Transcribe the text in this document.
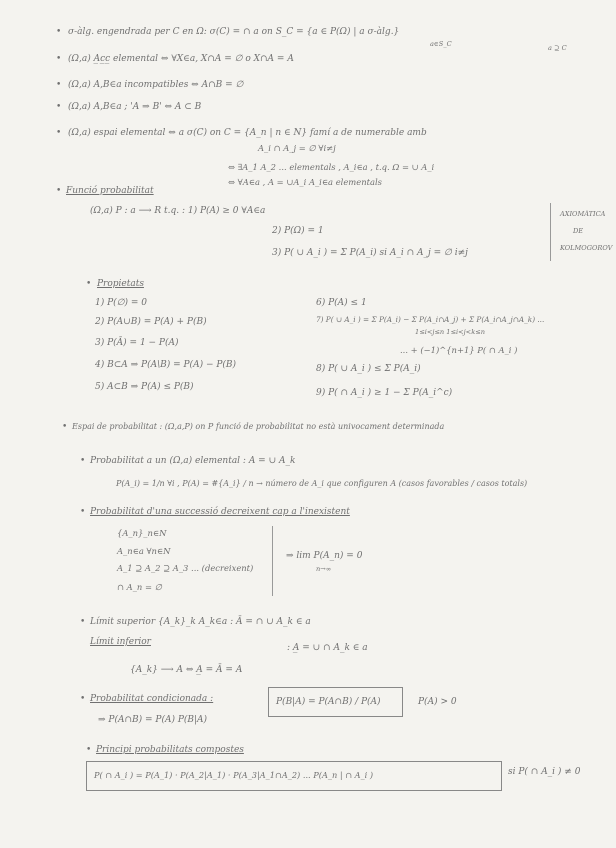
• σ-àlg. engendrada per C en Ω: σ(C) = ∩ a on S_C = {a ∈ P(Ω) | a σ-àlg.}
a∈S_C	a ⊇ C
• (Ω,a) A̲c̲c̲ elemental ⇔ ∀X∈a, X∩A = ∅ o X∩A = A
• (Ω,a) A,B∈a incompatibles ⇔ A∩B = ∅
• (Ω,a) A,B∈a ; 'A ⇒ B' ⇔ A ⊂ B
• (Ω,a) espai elemental ⇔ a σ(C) on C = {A_n | n ∈ N} famí a de numerable amb
A_i ∩ A_j = ∅ ∀i≠j
⇔ ∃A_1 A_2 ... elementals , A_i∈a , t.q. Ω = ∪ A_i
⇔ ∀A∈a , A = ∪A_i A_i∈a elementals
• Funció probabilitat
(Ω,a) P : a ⟶ R t.q. : 1) P(A) ≥ 0 ∀A∈a
2) P(Ω) = 1
3) P( ∪ A_i ) = Σ P(A_i) si A_i ∩ A_j = ∅ i≠j
AXIOMÀTICA
DE
KOLMOGOROV
• Propietats
1) P(∅) = 0
2) P(A∪B) = P(A) + P(B)
3) P(Ā) = 1 − P(A)
4) B⊂A ⇒ P(A\B) = P(A) − P(B)
5) A⊂B ⇒ P(A) ≤ P(B)
6) P(A) ≤ 1
7) P( ∪ A_i ) = Σ P(A_i) − Σ P(A_i∩A_j) + Σ P(A_i∩A_j∩A_k) ...
1≤i<j≤n 1≤i<j<k≤n
... + (−1)^{n+1} P( ∩ A_i )
8) P( ∪ A_i ) ≤ Σ P(A_i)
9) P( ∩ A_i ) ≥ 1 − Σ P(A_i^c)
• Espai de probabilitat : (Ω,a,P) on P funció de probabilitat no està univocament determinada
• Probabilitat a un (Ω,a) elemental : A = ∪ A_k
P(A_i) = 1/n ∀i , P(A) = #{A_i} / n → número de A_i que configuren A (casos favorables / casos totals)
• Probabilitat d'una successió decreixent cap a l'inexistent
{A_n}_n∈N
A_n∈a ∀n∈N
A_1 ⊇ A_2 ⊇ A_3 ... (decreixent)
∩ A_n = ∅
⇒ lim P(A_n) = 0
n→∞
• Límit superior {A_k}_k A_k∈a : Ā = ∩ ∪ A_k ∈ a
Límit inferior
: A̲ = ∪ ∩ A_k ∈ a
{A_k} ⟶ A ⇔ A̲ = Ā = A
• Probabilitat condicionada :	P(B|A) = P(A∩B) / P(A)	P(A) > 0
⇒ P(A∩B) = P(A) P(B|A)
• Principi probabilitats compostes
P( ∩ A_i ) = P(A_1) · P(A_2|A_1) · P(A_3|A_1∩A_2) ... P(A_n | ∩ A_i )	si P( ∩ A_i ) ≠ 0
